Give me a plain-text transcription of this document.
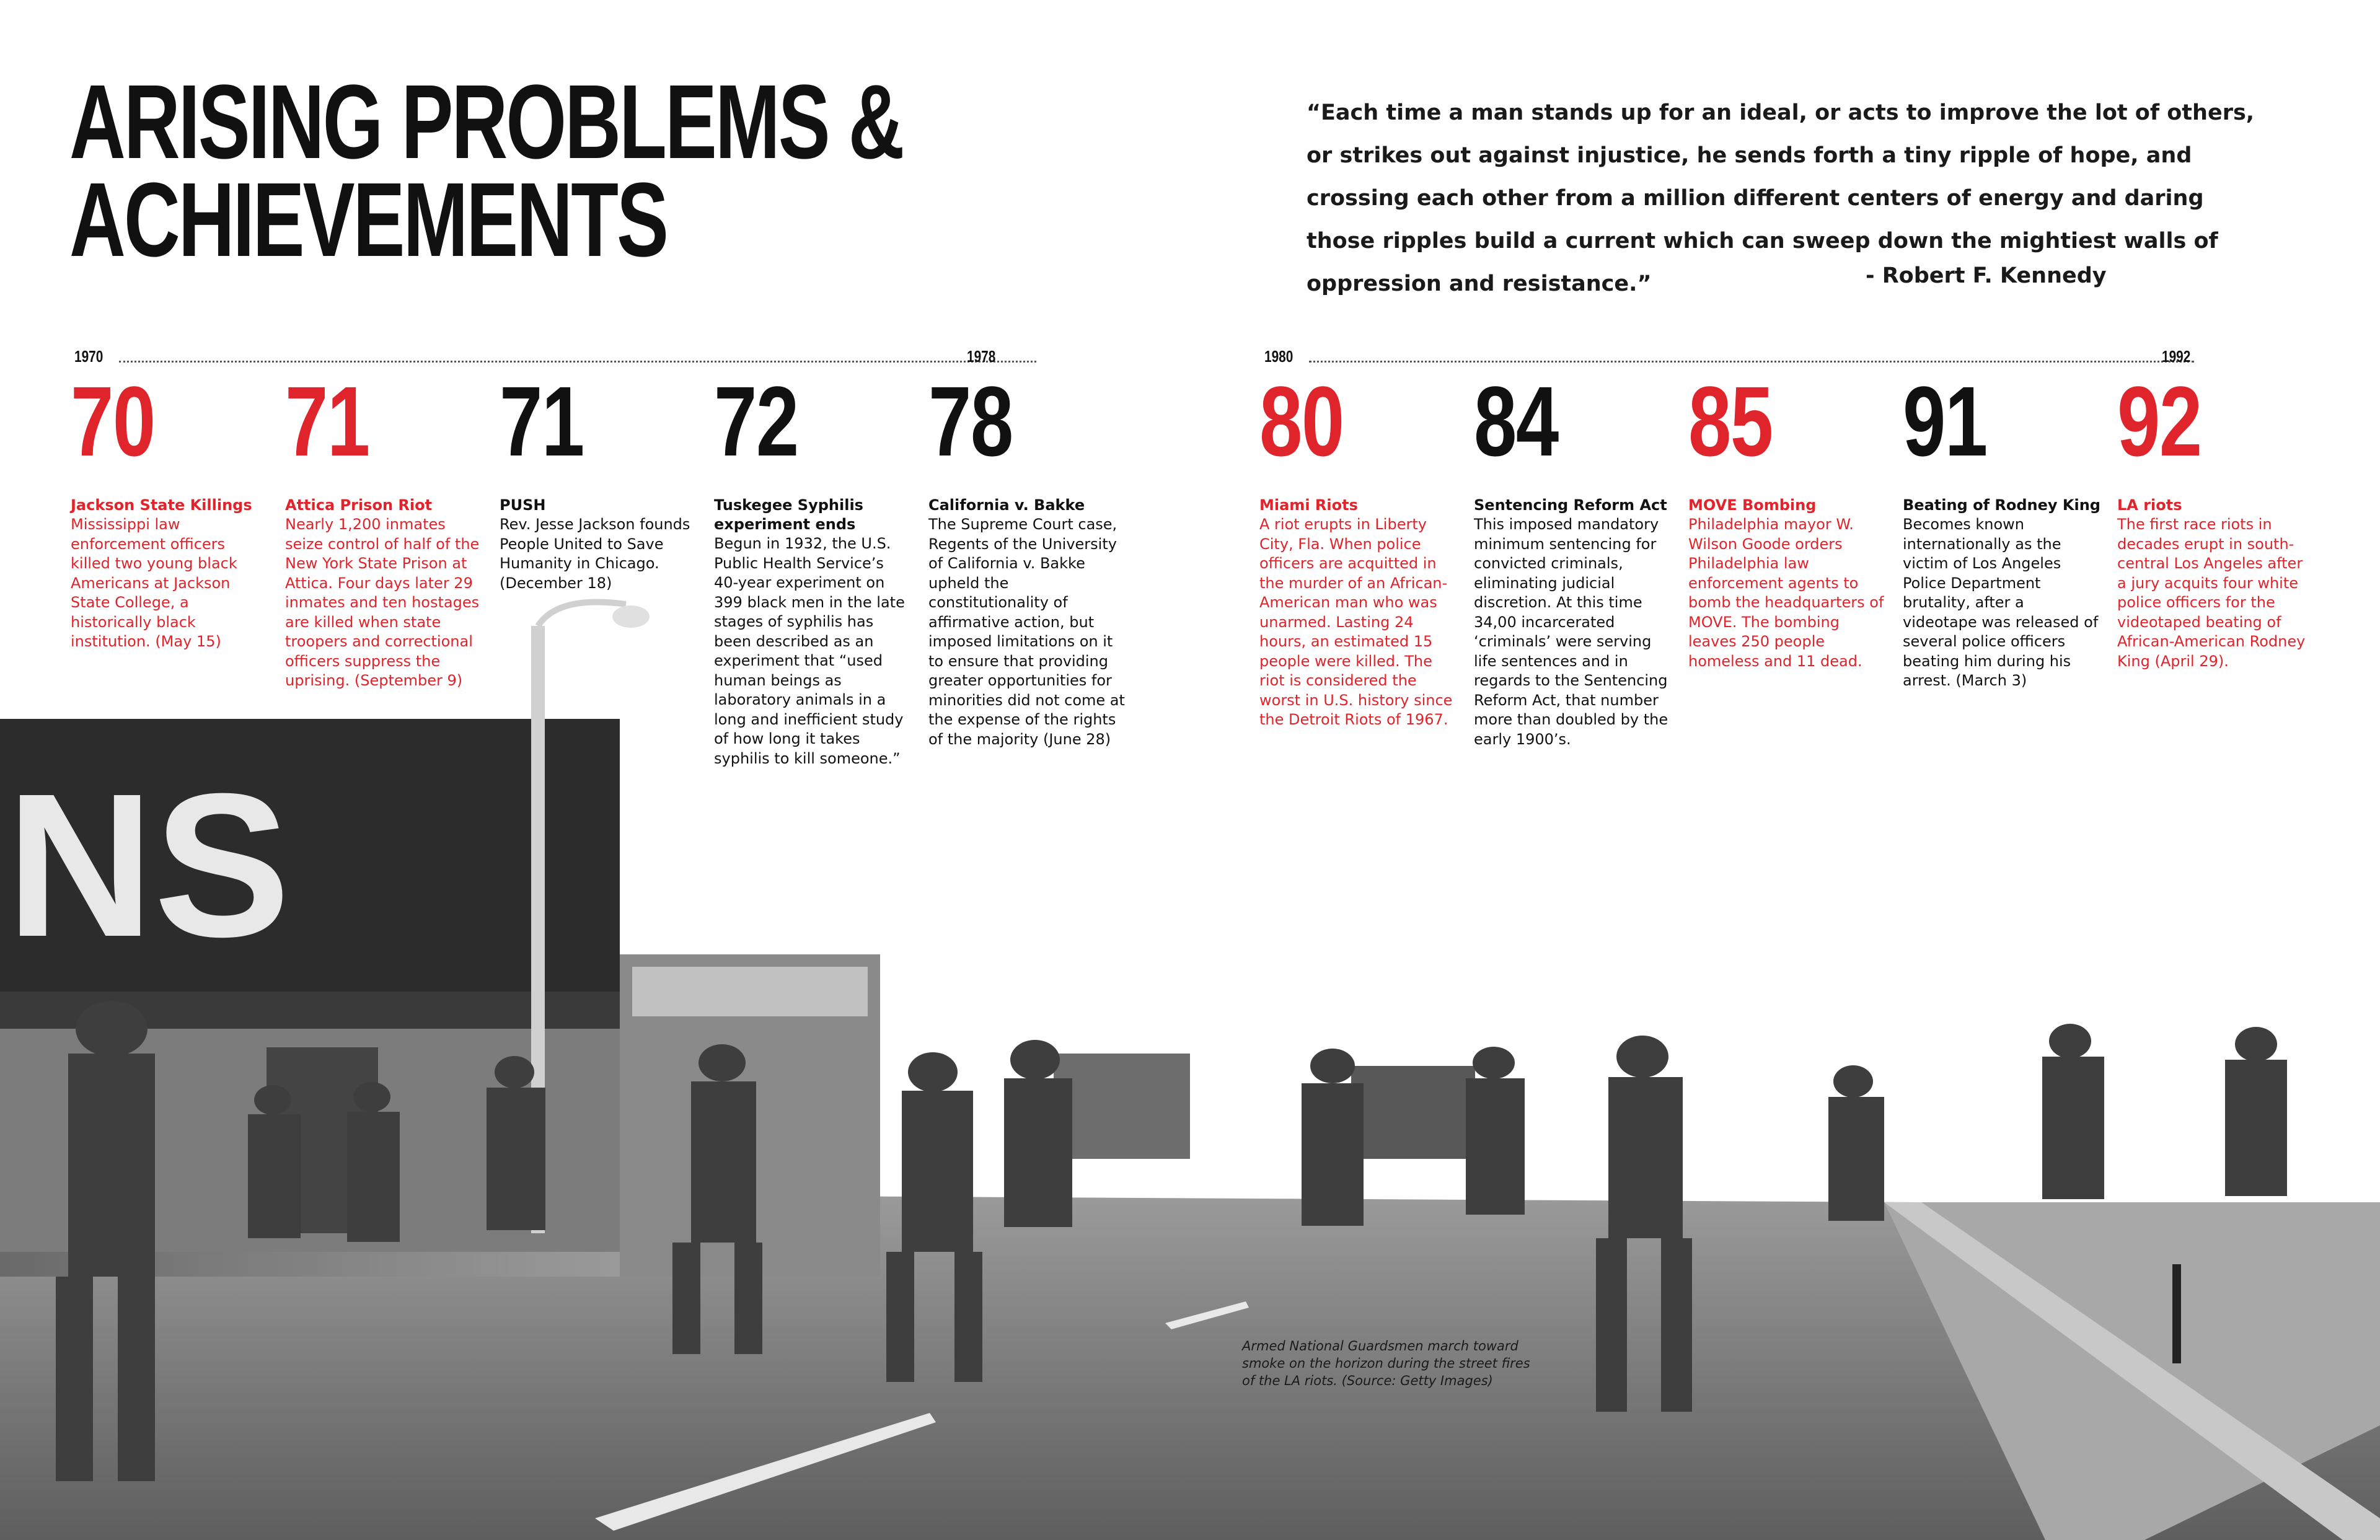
NS
ARISING PROBLEMS &
ACHIEVEMENTS

“Each time a man stands up for an ideal, or acts to improve the lot of others, or strikes out against injustice, he sends forth a tiny ripple of hope, and crossing each other from a million different centers of energy and daring those ripples build a current which can sweep down the mightiest walls of oppression and resistance.”	- Robert F. Kennedy
1970	1978	1980	1992
70

Jackson State Killings

Mississippi law enforcement officers killed two young black Americans at Jackson State College, a historically black institution. (May 15)

71

Attica Prison Riot

Nearly 1,200 inmates seize control of half of the New York State Prison at Attica. Four days later 29 inmates and ten hostages are killed when state troopers and correctional officers suppress the uprising. (September 9)

71

PUSH

Rev. Jesse Jackson founds People United to Save Humanity in Chicago. (December 18)

72

Tuskegee Syphilis experiment ends

Begun in 1932, the U.S. Public Health Service’s 40-year experiment on 399 black men in the late stages of syphilis has been described as an experiment that “used human beings as laboratory animals in a long and inefficient study of how long it takes syphilis to kill someone.”

78

California v. Bakke

The Supreme Court case, Regents of the University of California v. Bakke upheld the constitutionality of affirmative action, but imposed limitations on it to ensure that providing greater opportunities for minorities did not come at the expense of the rights of the majority (June 28)

80

Miami Riots

A riot erupts in Liberty City, Fla. When police officers are acquitted in the murder of an African-American man who was unarmed. Lasting 24 hours, an estimated 15 people were killed. The riot is considered the worst in U.S. history since the Detroit Riots of 1967.

84

Sentencing Reform Act

This imposed mandatory minimum sentencing for convicted criminals, eliminating judicial discretion. At this time 34,00 incarcerated ‘criminals’ were serving life sentences and in regards to the Sentencing Reform Act, that number more than doubled by the early 1900’s.

85

MOVE Bombing

Philadelphia mayor W. Wilson Goode orders Philadelphia law enforcement agents to bomb the headquarters of MOVE. The bombing leaves 250 people homeless and 11 dead.

91

Beating of Rodney King

Becomes known internationally as the victim of Los Angeles Police Department brutality, after a videotape was released of several police officers beating him during his arrest. (March 3)

92

LA riots

The first race riots in decades erupt in south-central Los Angeles after a jury acquits four white police officers for the videotaped beating of African-American Rodney King (April 29).

Armed National Guardsmen march toward smoke on the horizon during the street fires of the LA riots. (Source: Getty Images)
